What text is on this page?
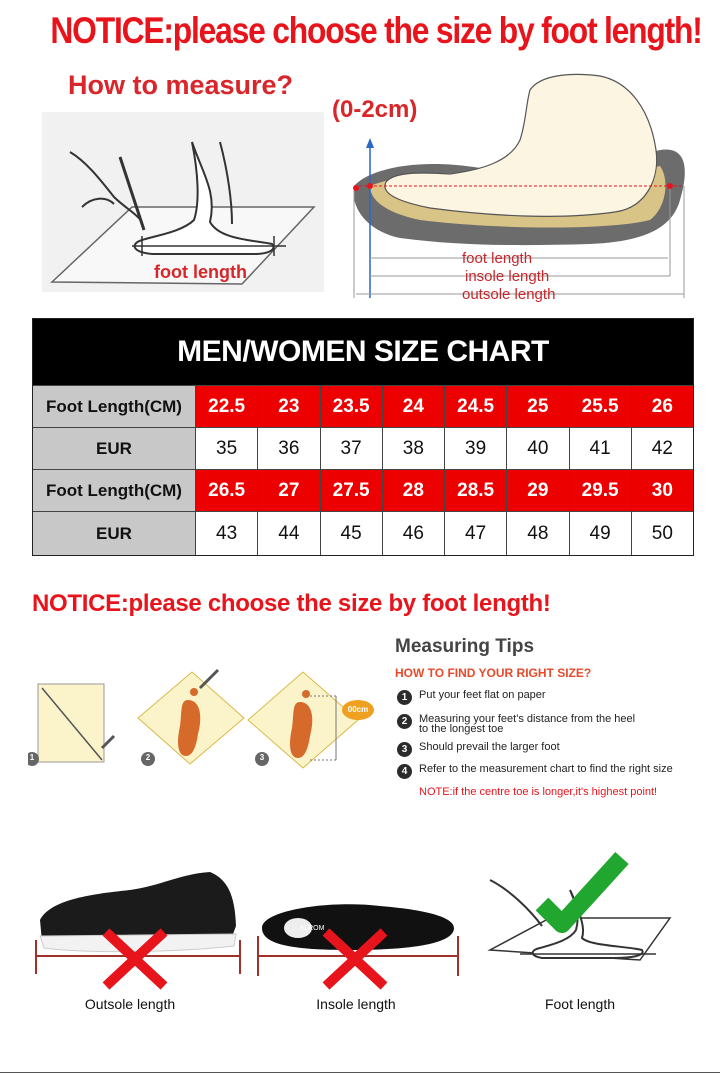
NOTICE:please choose the size by foot length!
How to measure?
foot length
(0-2cm)
foot length
insole length
outsole length
MEN/WOMEN SIZE CHART
Foot Length(CM)	22.5	23	23.5	24	24.5	25	25.5	26
EUR	35	36	37	38	39	40	41	42
Foot Length(CM)	26.5	27	27.5	28	28.5	29	29.5	30
EUR	43	44	45	46	47	48	49	50
NOTICE:please choose the size by foot length!
1	2	3
00cm
Measuring Tips
HOW TO FIND YOUR RIGHT SIZE?
1	Put your feet flat on paper
2	Measuring your feet's distance from the heel
to the longest toe
3	Should prevail the larger foot
4	Refer to the measurement chart to find the right size
NOTE:if the centre toe is longer,it's highest point!
SLROM
Outsole length	Insole length	Foot length
